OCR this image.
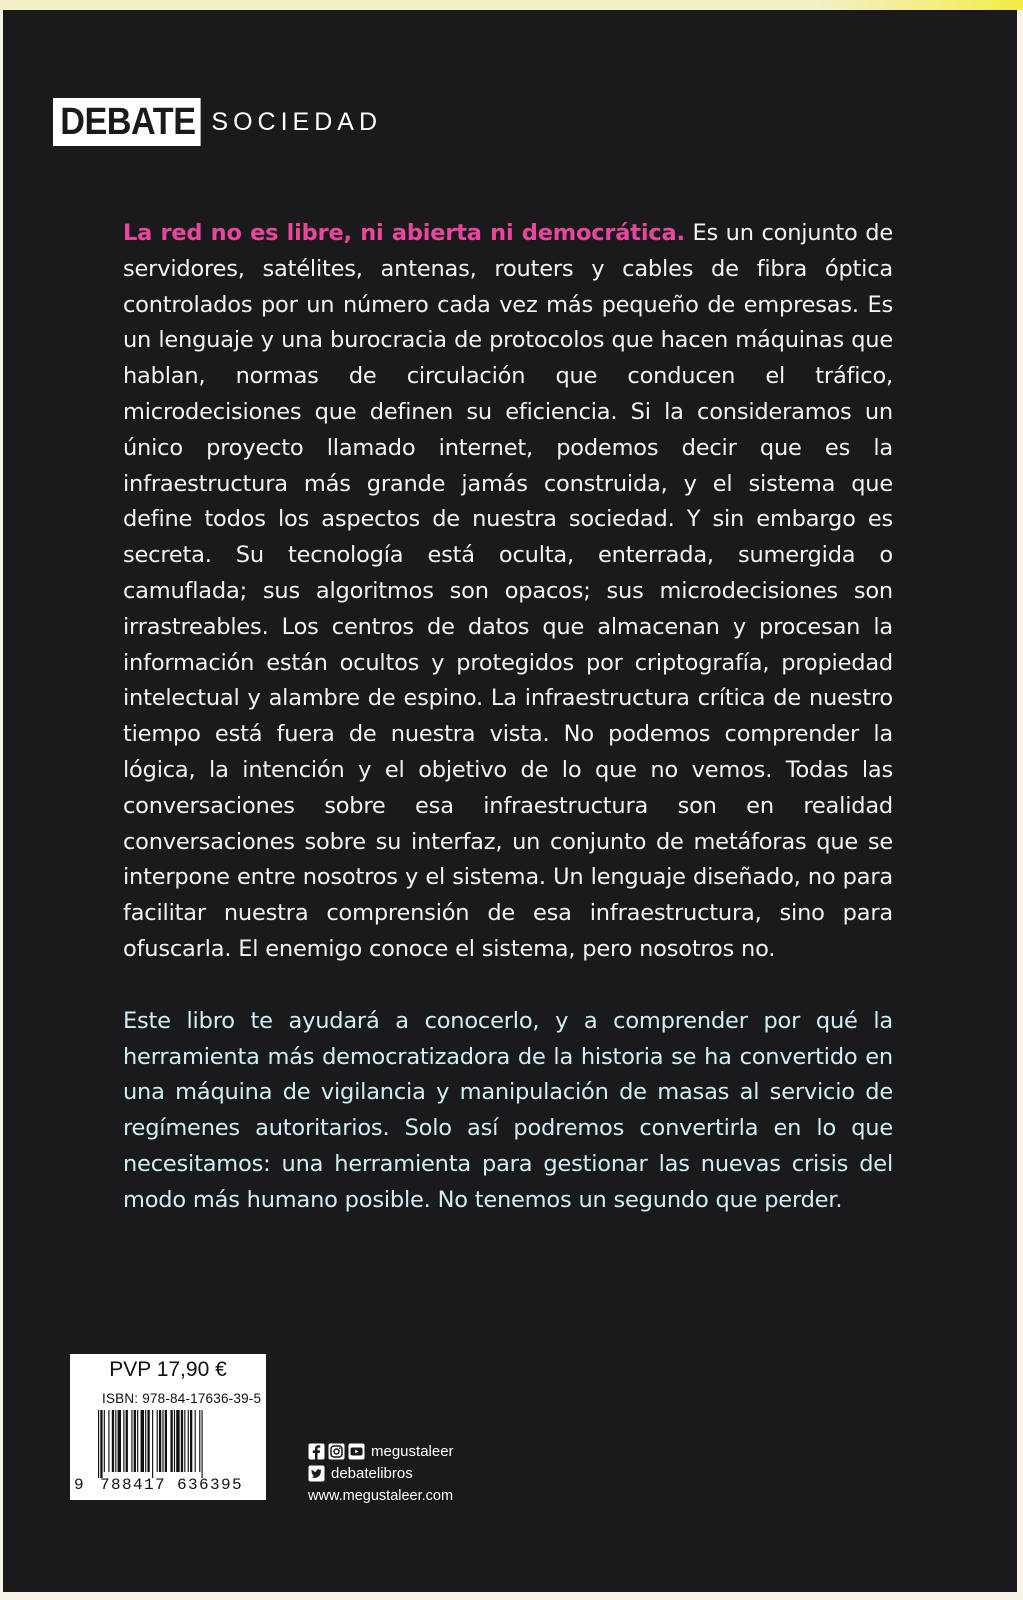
DEBATE SOCIEDAD

La red no es libre, ni abierta ni democrática. Es un conjunto de servidores, satélites, antenas, routers y cables de fibra óptica controlados por un número cada vez más pequeño de empresas. Es un lenguaje y una burocracia de protocolos que hacen máquinas que hablan, normas de circulación que conducen el tráfico, microdecisiones que definen su eficiencia. Si la consideramos un único proyecto llamado internet, podemos decir que es la infraestructura más grande jamás construida, y el sistema que define todos los aspectos de nuestra sociedad. Y sin embargo es secreta. Su tecnología está oculta, enterrada, sumergida o camuflada; sus algoritmos son opacos; sus microdecisiones son irrastreables. Los centros de datos que almacenan y procesan la información están ocultos y protegidos por criptografía, propiedad intelectual y alambre de espino. La infraestructura crítica de nuestro tiempo está fuera de nuestra vista. No podemos comprender la lógica, la intención y el objetivo de lo que no vemos. Todas las conversaciones sobre esa infraestructura son en realidad conversaciones sobre su interfaz, un conjunto de metáforas que se interpone entre nosotros y el sistema. Un lenguaje diseñado, no para facilitar nuestra comprensión de esa infraestructura, sino para ofuscarla. El enemigo conoce el sistema, pero nosotros no.

Este libro te ayudará a conocerlo, y a comprender por qué la herramienta más democratizadora de la historia se ha convertido en una máquina de vigilancia y manipulación de masas al servicio de regímenes autoritarios. Solo así podremos convertirla en lo que necesitamos: una herramienta para gestionar las nuevas crisis del modo más humano posible. No tenemos un segundo que perder.

PVP 17,90 €
ISBN: 978-84-17636-39-5
9 788417 636395
megustaleer
debatelibros
www.megustaleer.com
